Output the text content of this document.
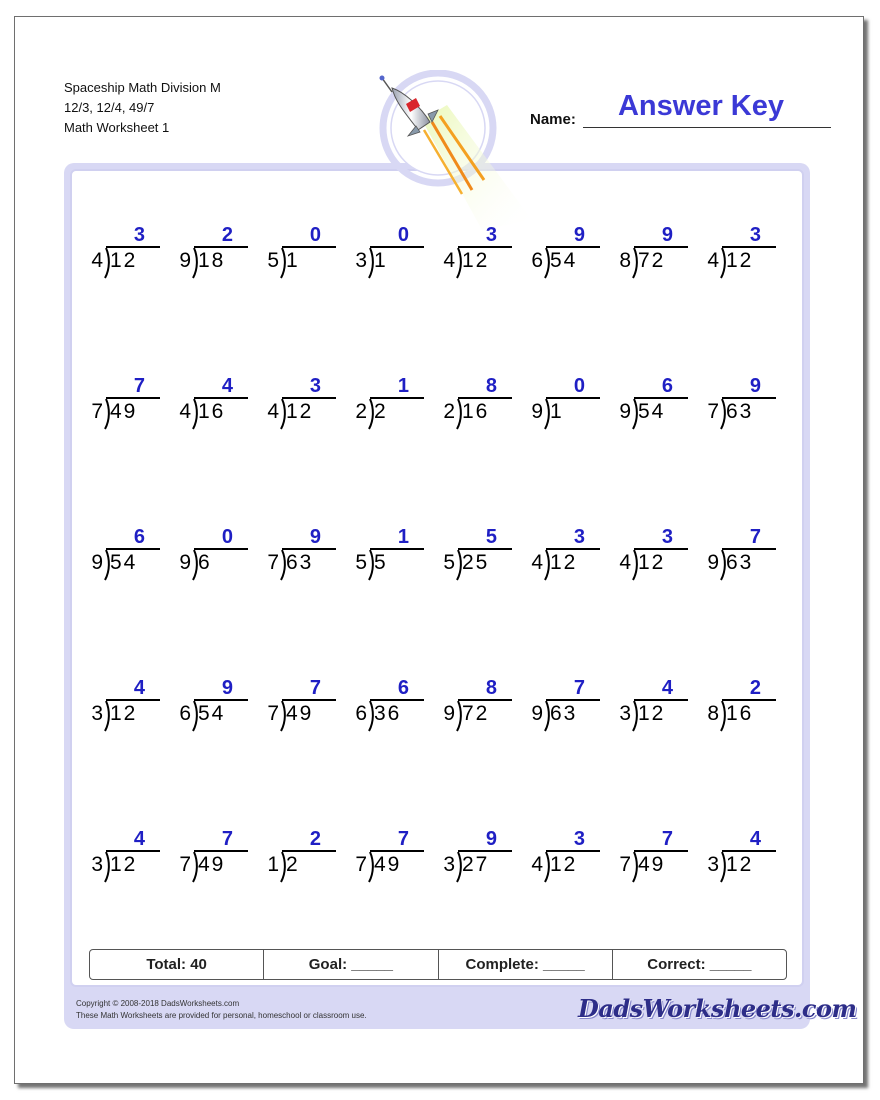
Spaceship Math Division M
12/3, 12/4, 49/7
Math Worksheet 1	Name:	Answer Key
3
4 12
2
9 18
0
5 1
0
3 1
3
4 12
9
6 54
9
8 72
3
4 12
7
7 49
4
4 16
3
4 12
1
2 2
8
2 16
0
9 1
6
9 54
9
7 63
6
9 54
0
9 6
9
7 63
1
5 5
5
5 25
3
4 12
3
4 12
7
9 63
4
3 12
9
6 54
7
7 49
6
6 36
8
9 72
7
9 63
4
3 12
2
8 16
4
3 12
7
7 49
2
1 2
7
7 49
9
3 27
3
4 12
7
7 49
4
3 12
Total: 40	Goal: _____	Complete: _____	Correct: _____
Copyright © 2008-2018 DadsWorksheets.com
These Math Worksheets are provided for personal, homeschool or classroom use.	DadsWorksheets.com
